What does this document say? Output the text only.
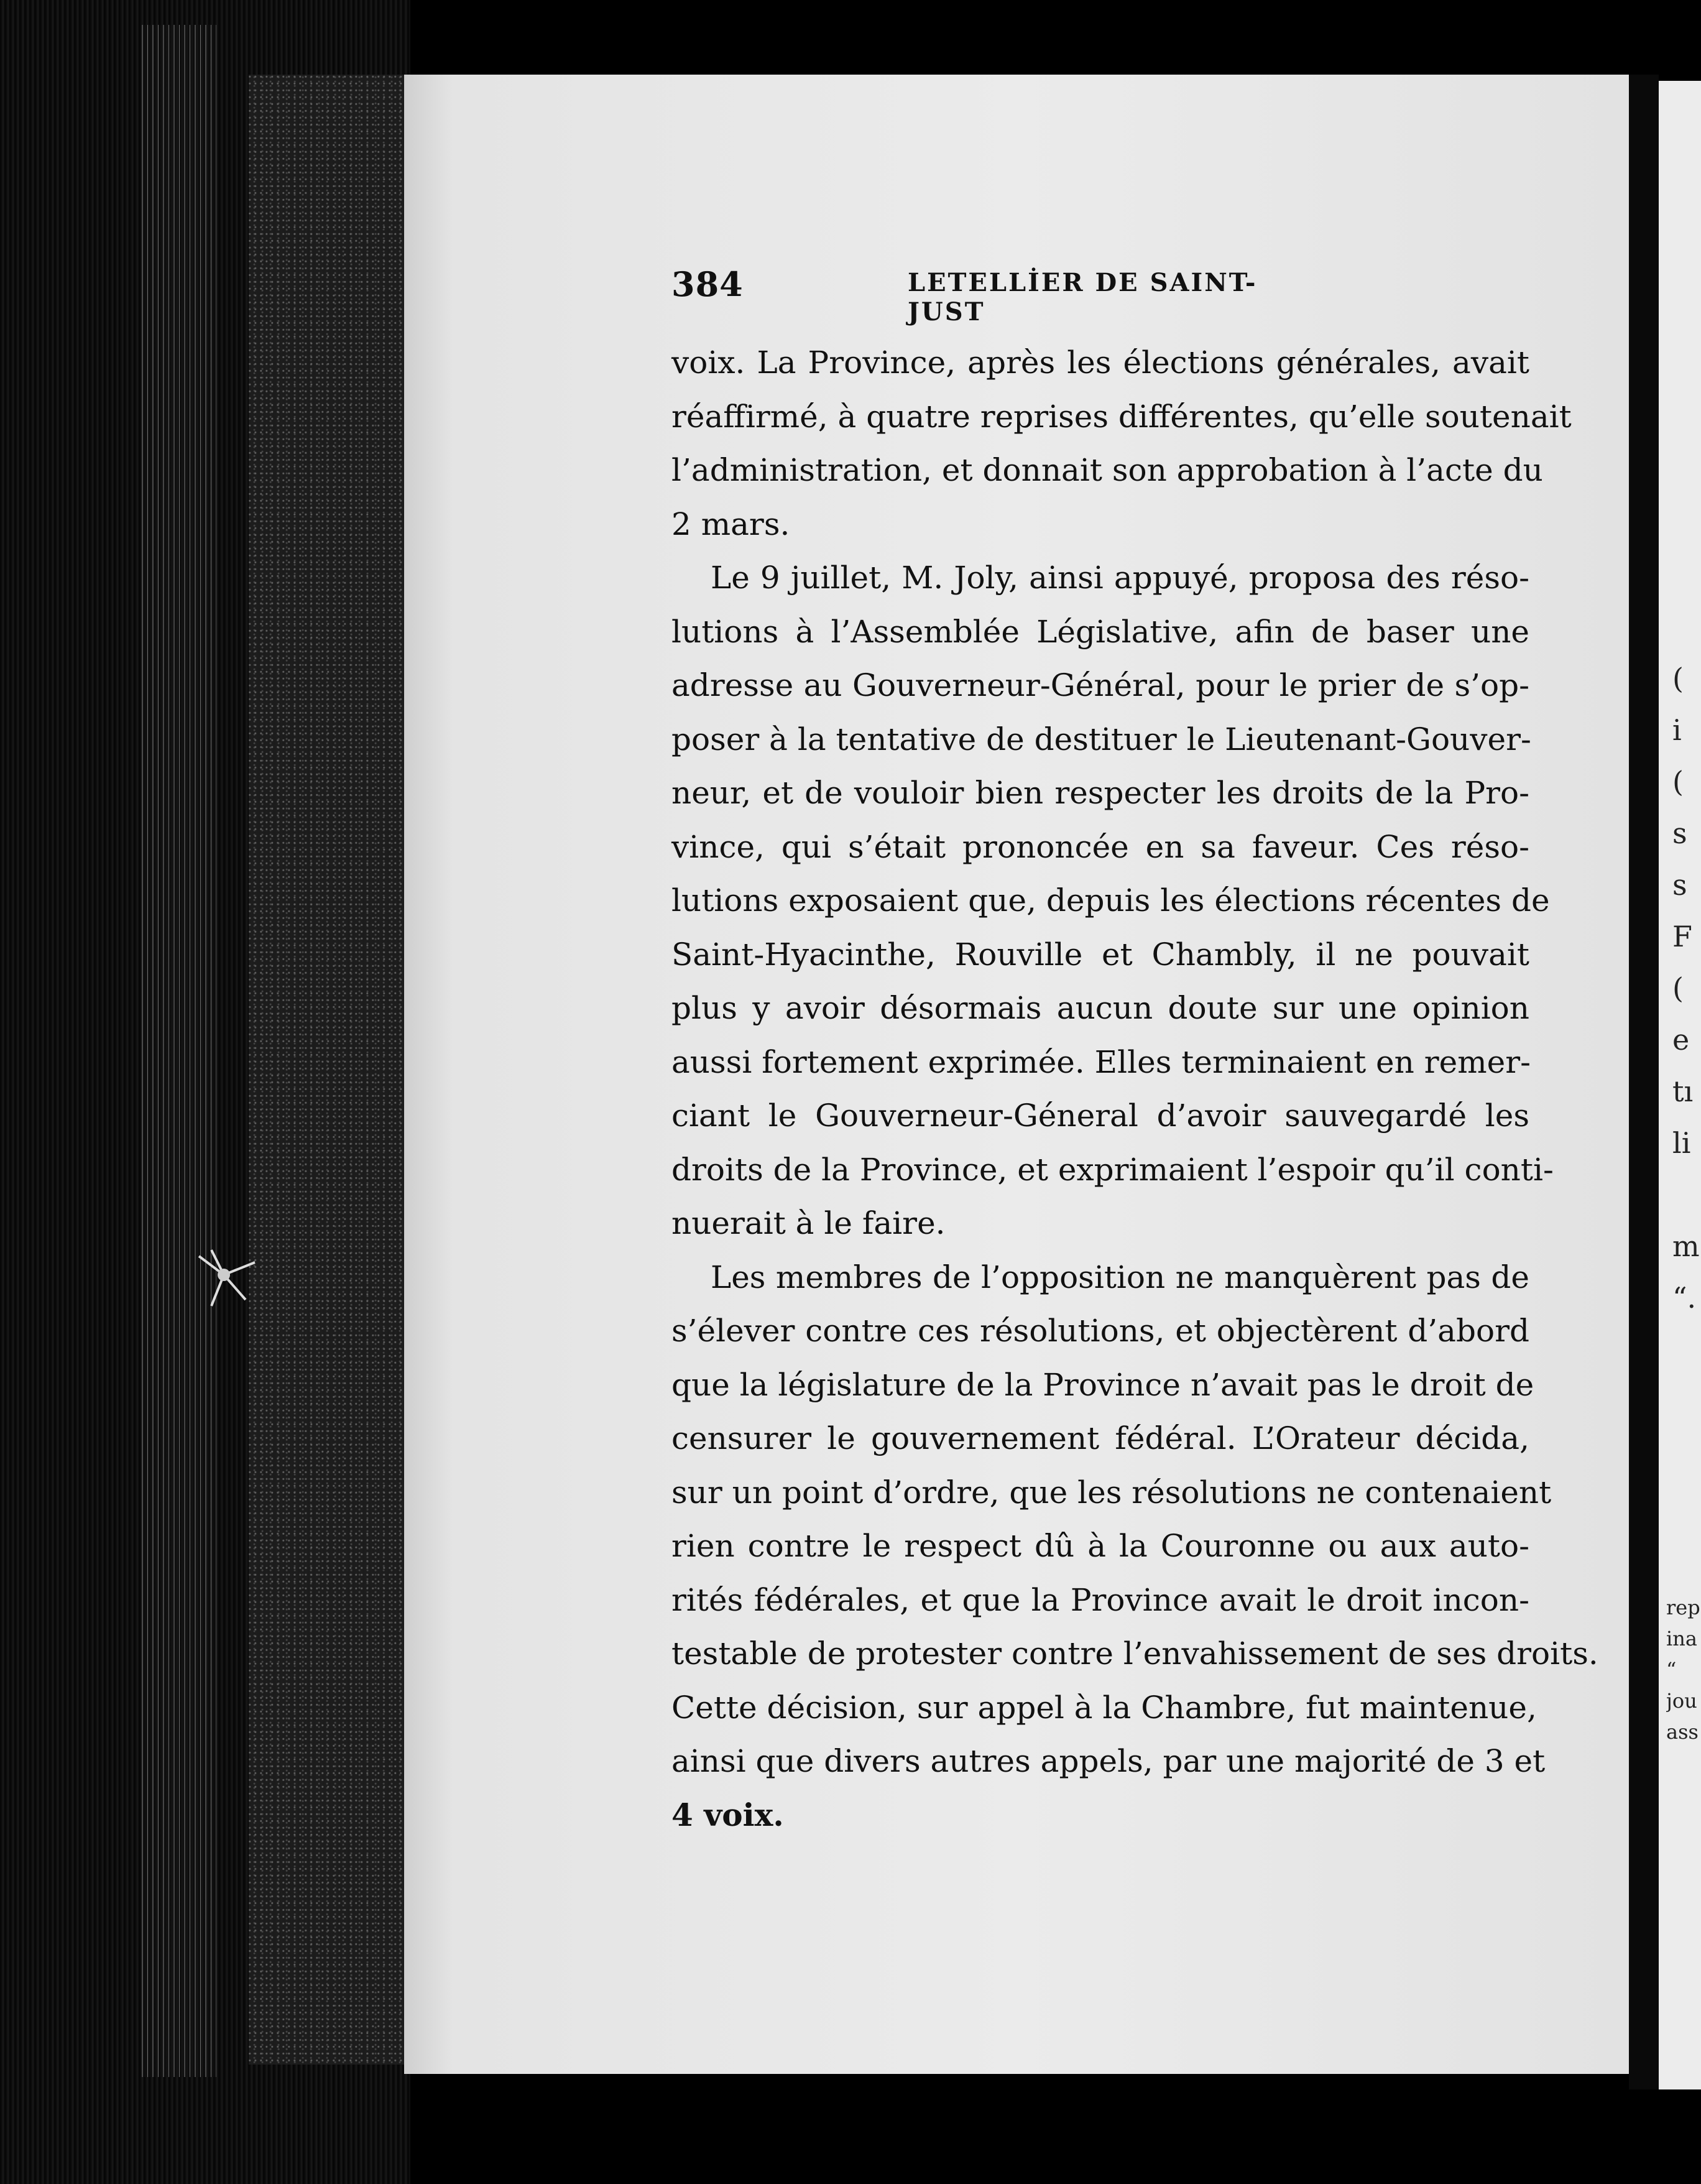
384	LETELLİER DE SAINT-JUST
voix. La Province, après les élections générales, avait
réaffirmé, à quatre reprises différentes, qu’elle soutenait
l’administration, et donnait son approbation à l’acte du
2 mars.
Le 9 juillet, M. Joly, ainsi appuyé, proposa des réso-
lutions à l’Assemblée Législative, afin de baser une
adresse au Gouverneur-Général, pour le prier de s’op-
poser à la tentative de destituer le Lieutenant-Gouver-
neur, et de vouloir bien respecter les droits de la Pro-
vince, qui s’était prononcée en sa faveur. Ces réso-
lutions exposaient que, depuis les élections récentes de
Saint-Hyacinthe, Rouville et Chambly, il ne pouvait
plus y avoir désormais aucun doute sur une opinion
aussi fortement exprimée. Elles terminaient en remer-
ciant le Gouverneur-Géneral d’avoir sauvegardé les
droits de la Province, et exprimaient l’espoir qu’il conti-
nuerait à le faire.
Les membres de l’opposition ne manquèrent pas de
s’élever contre ces résolutions, et objectèrent d’abord
que la législature de la Province n’avait pas le droit de
censurer le gouvernement fédéral. L’Orateur décida,
sur un point d’ordre, que les résolutions ne contenaient
rien contre le respect dû à la Couronne ou aux auto-
rités fédérales, et que la Province avait le droit incon-
testable de protester contre l’envahissement de ses droits.
Cette décision, sur appel à la Chambre, fut maintenue,
ainsi que divers autres appels, par une majorité de 3 et
4 voix.
(
i
(
s
s
F
(
e
tı
li

m
“.
rep
ina
“
jou
ass
